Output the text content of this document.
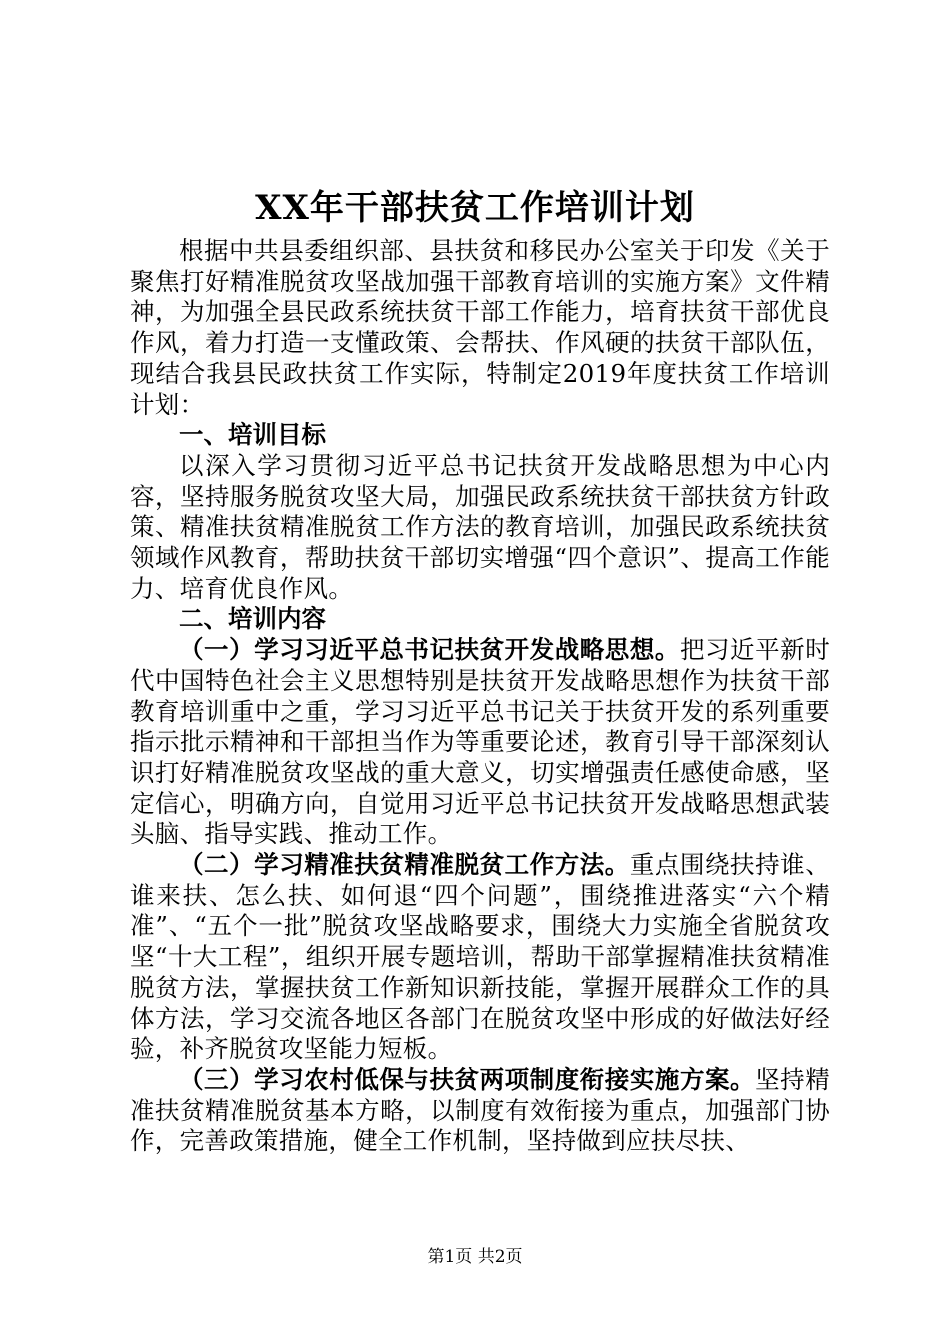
XX年干部扶贫工作培训计划

根据中共县委组织部、县扶贫和移民办公室关于印发《关于聚焦打好精准脱贫攻坚战加强干部教育培训的实施方案》文件精神，为加强全县民政系统扶贫干部工作能力，培育扶贫干部优良作风，着力打造一支懂政策、会帮扶、作风硬的扶贫干部队伍，现结合我县民政扶贫工作实际，特制定2019年度扶贫工作培训计划：

一、培训目标

以深入学习贯彻习近平总书记扶贫开发战略思想为中心内容，坚持服务脱贫攻坚大局，加强民政系统扶贫干部扶贫方针政策、精准扶贫精准脱贫工作方法的教育培训，加强民政系统扶贫领域作风教育，帮助扶贫干部切实增强“四个意识”、提高工作能力、培育优良作风。

二、培训内容

（一）学习习近平总书记扶贫开发战略思想。把习近平新时代中国特色社会主义思想特别是扶贫开发战略思想作为扶贫干部教育培训重中之重，学习习近平总书记关于扶贫开发的系列重要指示批示精神和干部担当作为等重要论述，教育引导干部深刻认识打好精准脱贫攻坚战的重大意义，切实增强责任感使命感，坚定信心，明确方向，自觉用习近平总书记扶贫开发战略思想武装头脑、指导实践、推动工作。

（二）学习精准扶贫精准脱贫工作方法。重点围绕扶持谁、谁来扶、怎么扶、如何退“四个问题”，围绕推进落实“六个精准”、“五个一批”脱贫攻坚战略要求，围绕大力实施全省脱贫攻坚“十大工程”，组织开展专题培训，帮助干部掌握精准扶贫精准脱贫方法，掌握扶贫工作新知识新技能，掌握开展群众工作的具体方法，学习交流各地区各部门在脱贫攻坚中形成的好做法好经验，补齐脱贫攻坚能力短板。

（三）学习农村低保与扶贫两项制度衔接实施方案。坚持精准扶贫精准脱贫基本方略，以制度有效衔接为重点，加强部门协作，完善政策措施，健全工作机制，坚持做到应扶尽扶、

第1页 共2页
